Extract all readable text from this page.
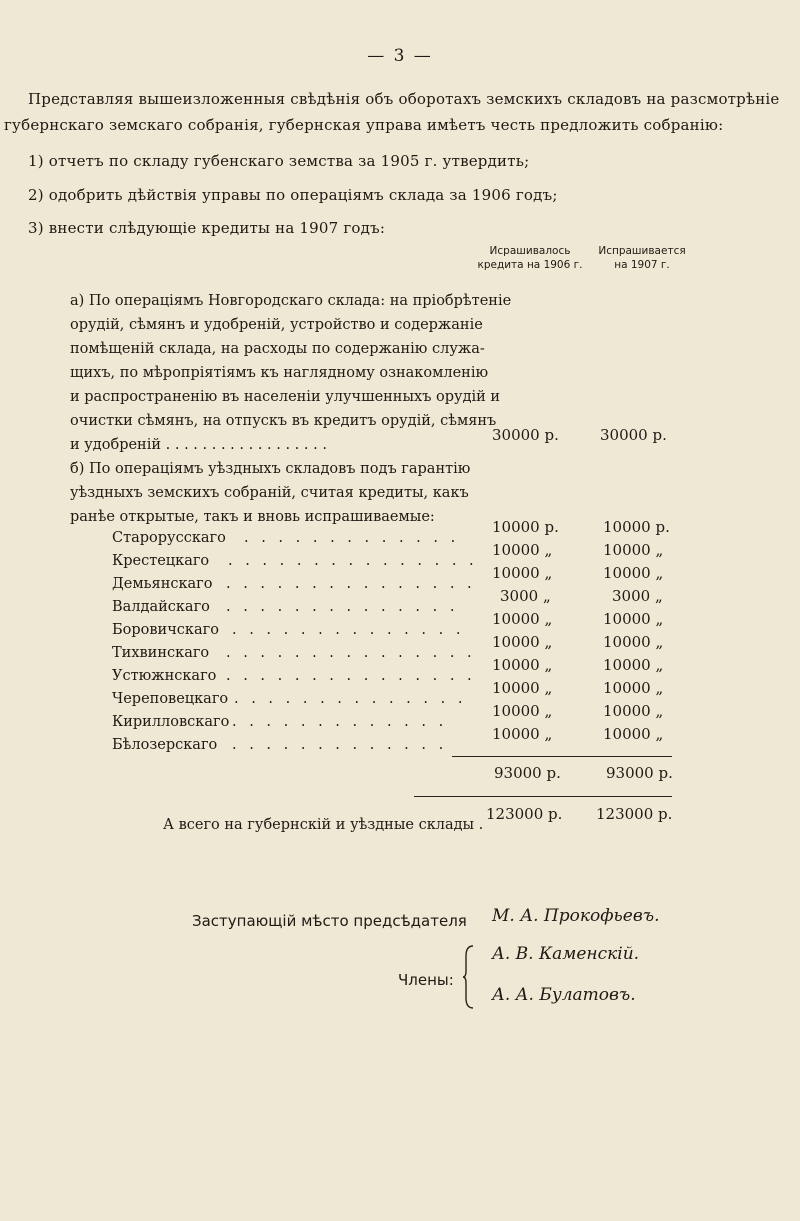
— 3 —
Представляя вышеизложенныя свѣдѣнія объ оборотахъ земскихъ складовъ на разсмотрѣніе
губернскаго земскаго собранія, губернская управа имѣетъ честь предложить собранію:
1) отчетъ по складу губенскаго земства за 1905 г. утвердить;
2) одобрить дѣйствія управы по операціямъ склада за 1906 годъ;
3) внести слѣдующіе кредиты на 1907 годъ:
Исрашивалось
кредита на 1906 г.
Испрашивается
на 1907 г.
а) По операціямъ Новгородскаго склада: на пріобрѣтеніе
орудій, сѣмянъ и удобреній, устройство и содержаніе
помѣщеній склада, на расходы по содержанію служа-
щихъ, по мѣропріятіямъ къ наглядному ознакомленію
и распространенію въ населеніи улучшенныхъ орудій и
очистки сѣмянъ, на отпускъ въ кредитъ орудій, сѣмянъ
и удобреній . . . . . . . . . . . . . . . . . .
30000 р.	30000 р.
б) По операціямъ уѣздныхъ складовъ подъ гарантію
уѣздныхъ земскихъ собраній, считая кредиты, какъ
ранѣе открытые, такъ и вновь испрашиваемые:
Старорусскаго . . . . . . . . . . . . .
10000 р.	10000 р.
Крестецкаго . . . . . . . . . . . . . . .
10000 „	10000 „
Демьянскаго . . . . . . . . . . . . . . .
10000 „	10000 „
Валдайскаго . . . . . . . . . . . . . .
3000 „	3000 „
Боровичскаго . . . . . . . . . . . . . .
10000 „	10000 „
Тихвинскаго . . . . . . . . . . . . . . .
10000 „	10000 „
Устюжнскаго . . . . . . . . . . . . . . .
10000 „	10000 „
Череповецкаго . . . . . . . . . . . . . .
10000 „	10000 „
Кирилловскаго . . . . . . . . . . . . .
10000 „	10000 „
Бѣлозерскаго . . . . . . . . . . . . .
10000 „	10000 „
93000 р.	93000 р.
А всего на губернскій и уѣздные склады .
123000 р. 123000 р.
Заступающій мѣсто предсѣдателя М. А. Прокофьевъ.
Члены:
А. В. Каменскій.
А. А. Булатовъ.
